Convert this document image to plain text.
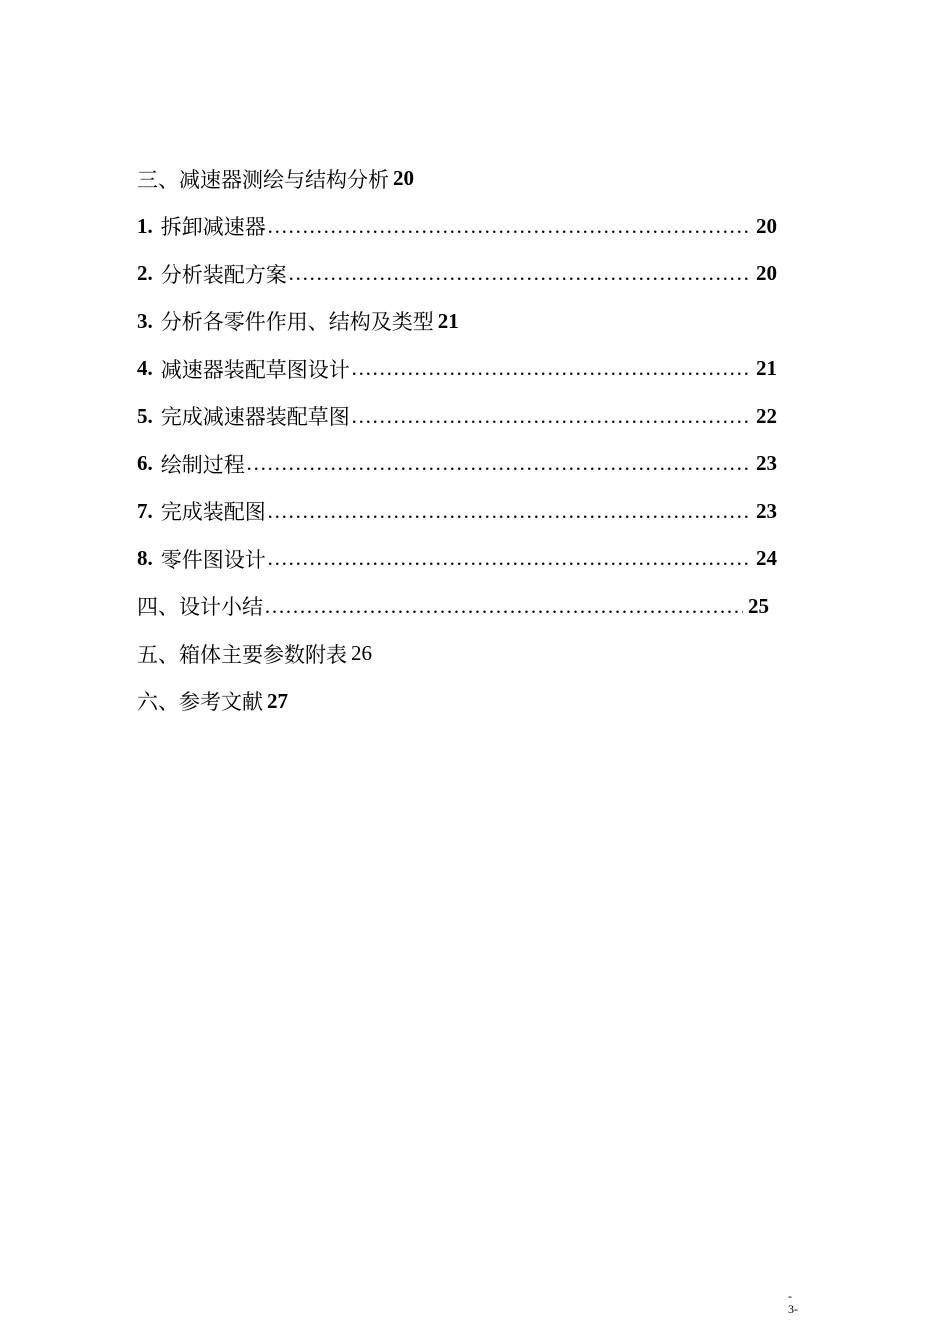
三、减速器测绘与结构分析 20
1. 拆卸减速器 ……………………………………………………………………………………………………………………………………	20
2. 分析装配方案 ……………………………………………………………………………………………………………………………………	20
3. 分析各零件作用、结构及类型 21
4. 减速器装配草图设计 ……………………………………………………………………………………………………………………………………	21
5. 完成减速器装配草图 ……………………………………………………………………………………………………………………………………	22
6. 绘制过程 ……………………………………………………………………………………………………………………………………	23
7. 完成装配图 ……………………………………………………………………………………………………………………………………	23
8. 零件图设计 ……………………………………………………………………………………………………………………………………	24
四、设计小结 ……………………………………………………………………………………………………………………………………	25
五、箱体主要参数附表 26
六、参考文献 27
-
3-
